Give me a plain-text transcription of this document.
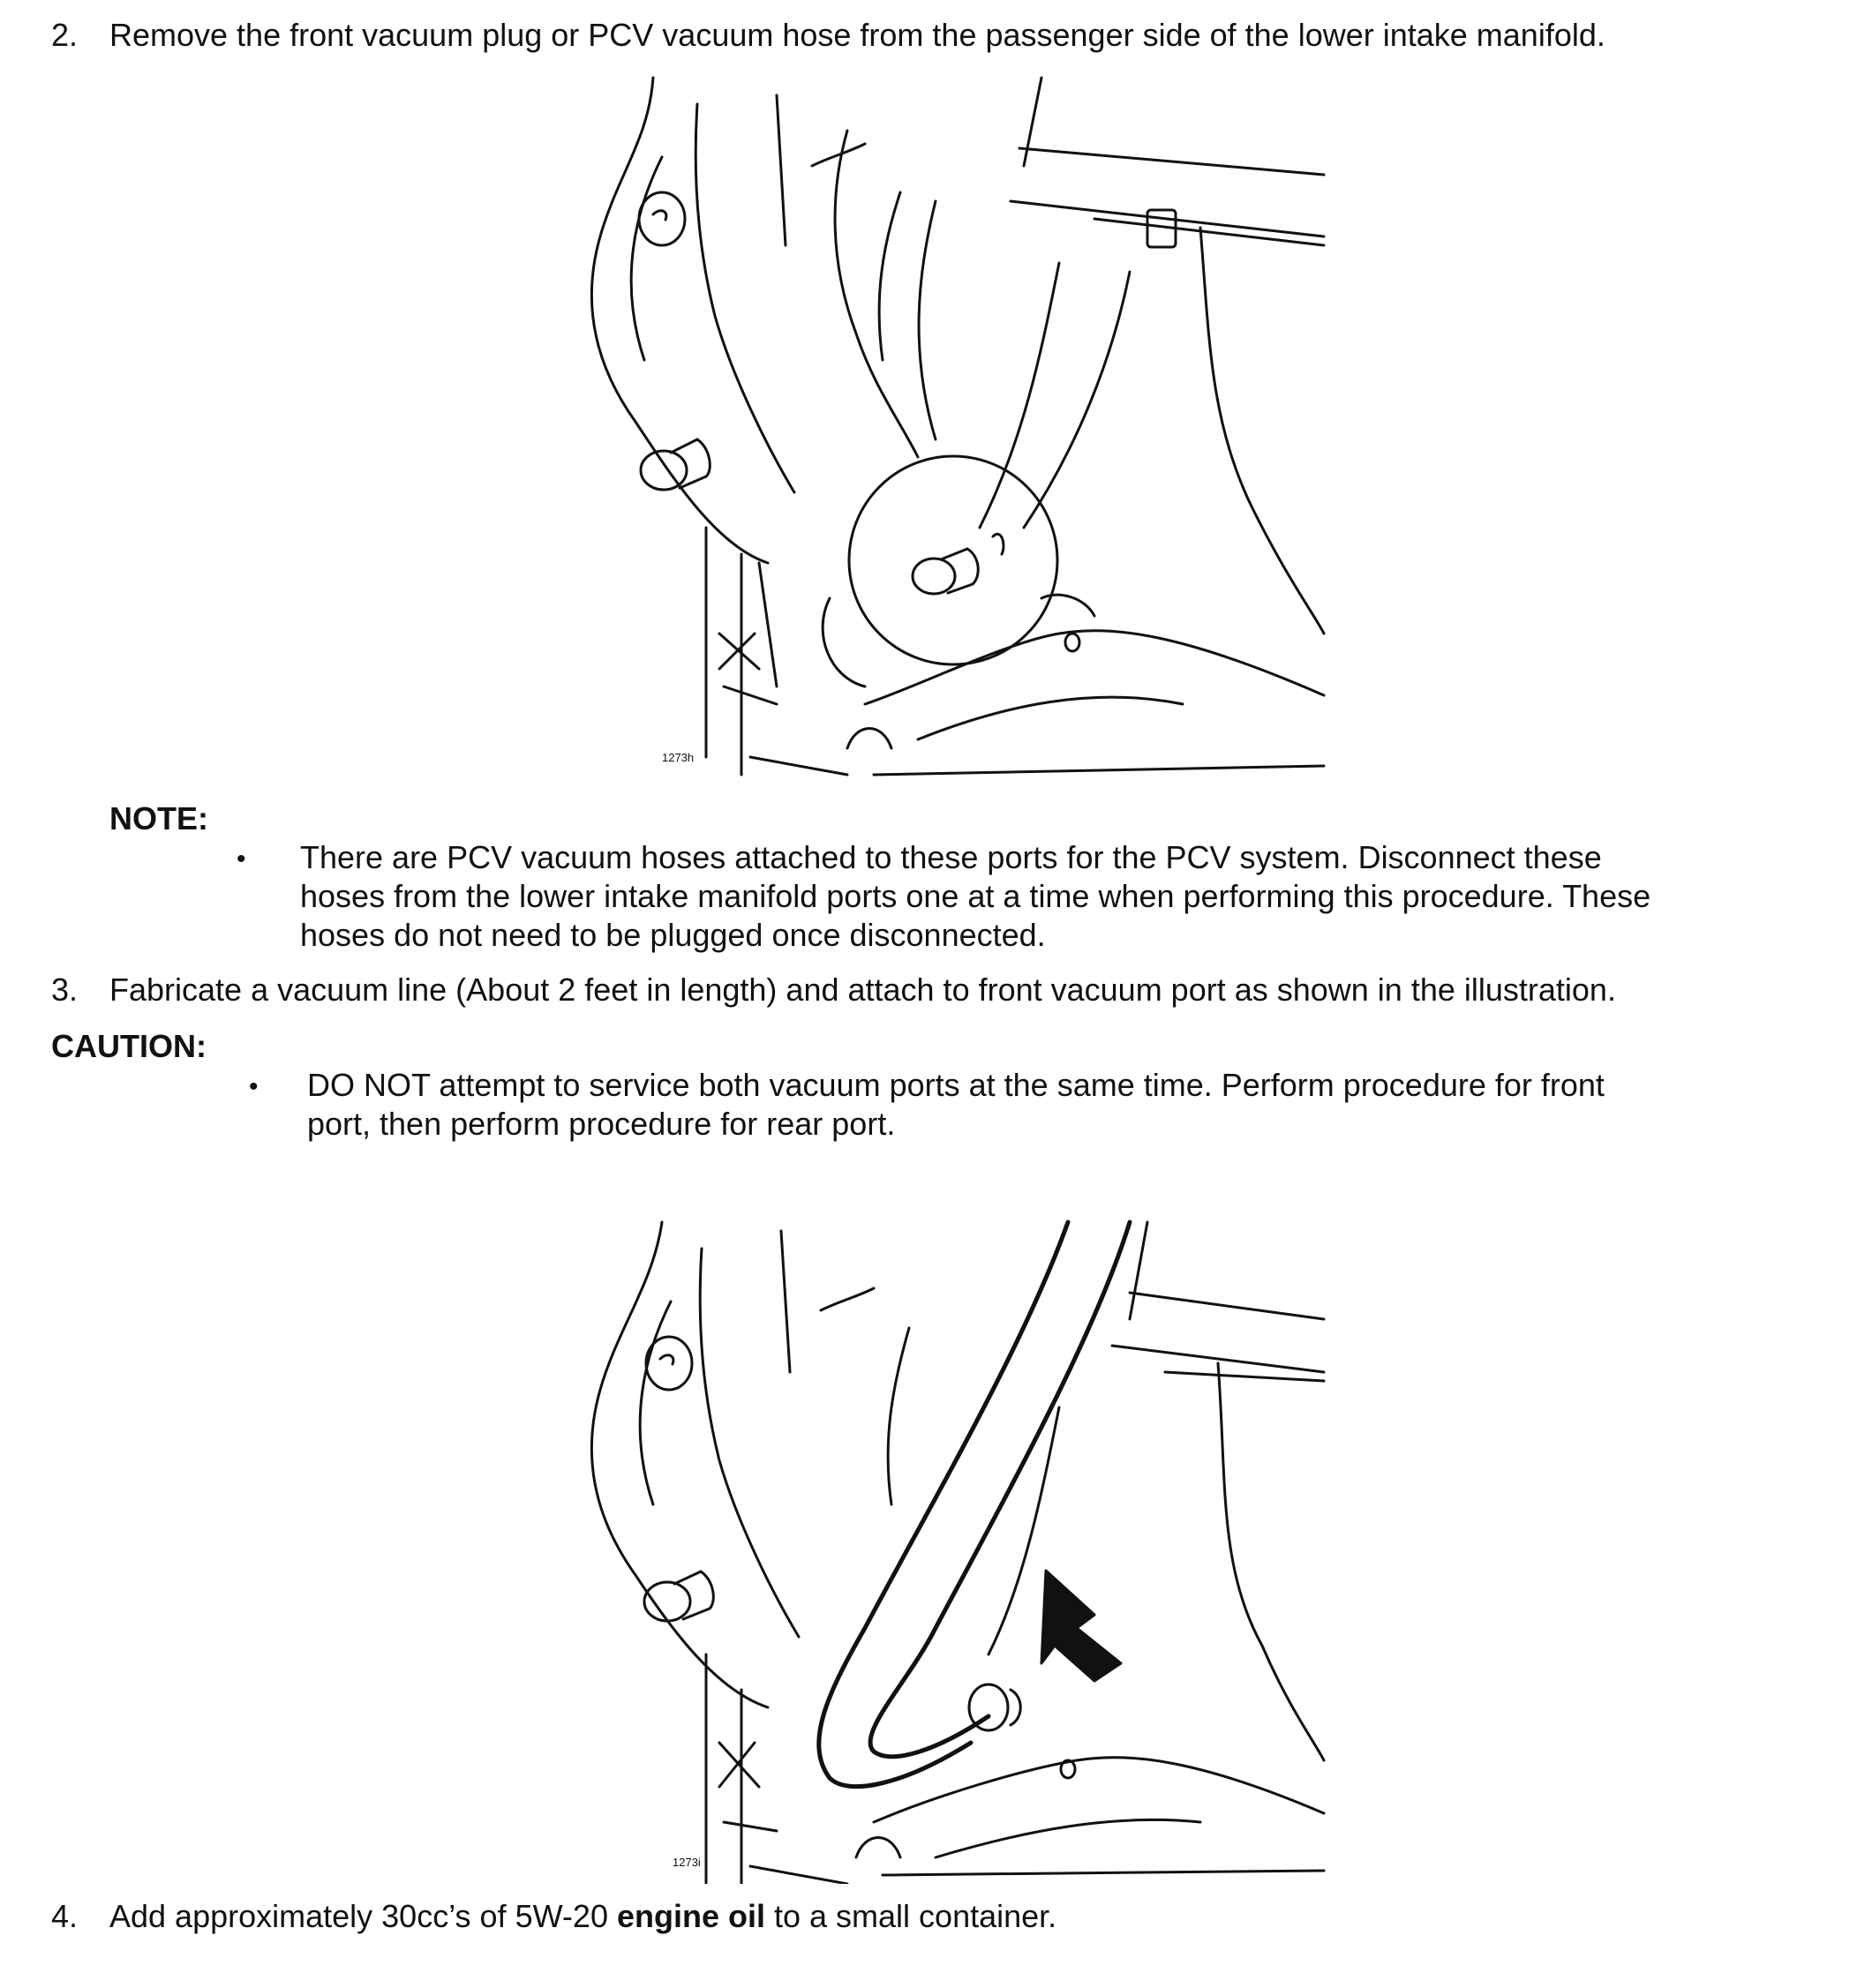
2. Remove the front vacuum plug or PCV vacuum hose from the passenger side of the lower intake manifold.
1273h
NOTE:
• There are PCV vacuum hoses attached to these ports for the PCV system. Disconnect these
hoses from the lower intake manifold ports one at a time when performing this procedure. These
hoses do not need to be plugged once disconnected.
3. Fabricate a vacuum line (About 2 feet in length) and attach to front vacuum port as shown in the illustration.
CAUTION:
• DO NOT attempt to service both vacuum ports at the same time. Perform procedure for front
port, then perform procedure for rear port.
1273i
4. Add approximately 30cc’s of 5W-20 engine oil to a small container.
